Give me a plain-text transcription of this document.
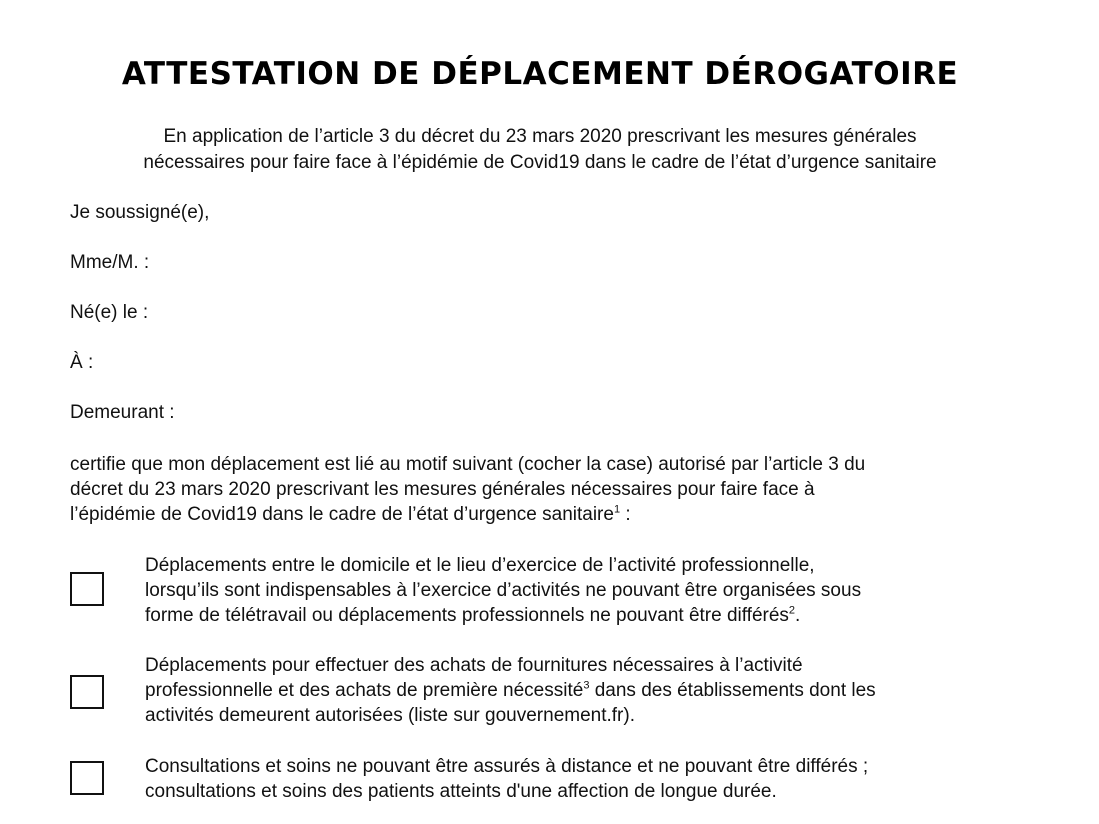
ATTESTATION DE DÉPLACEMENT DÉROGATOIRE
En application de l’article 3 du décret du 23 mars 2020 prescrivant les mesures générales
nécessaires pour faire face à l’épidémie de Covid19 dans le cadre de l’état d’urgence sanitaire
Je soussigné(e),
Mme/M. :
Né(e) le :
À :
Demeurant :
certifie que mon déplacement est lié au motif suivant (cocher la case) autorisé par l’article 3 du
décret du 23 mars 2020 prescrivant les mesures générales nécessaires pour faire face à
l’épidémie de Covid19 dans le cadre de l’état d’urgence sanitaire$^1$ :
Déplacements entre le domicile et le lieu d’exercice de l’activité professionnelle,
lorsqu’ils sont indispensables à l’exercice d’activités ne pouvant être organisées sous
forme de télétravail ou déplacements professionnels ne pouvant être différés$^2$.
Déplacements pour effectuer des achats de fournitures nécessaires à l’activité
professionnelle et des achats de première nécessité$^3$ dans des établissements dont les
activités demeurent autorisées (liste sur gouvernement.fr).
Consultations et soins ne pouvant être assurés à distance et ne pouvant être différés ;
consultations et soins des patients atteints d'une affection de longue durée.
